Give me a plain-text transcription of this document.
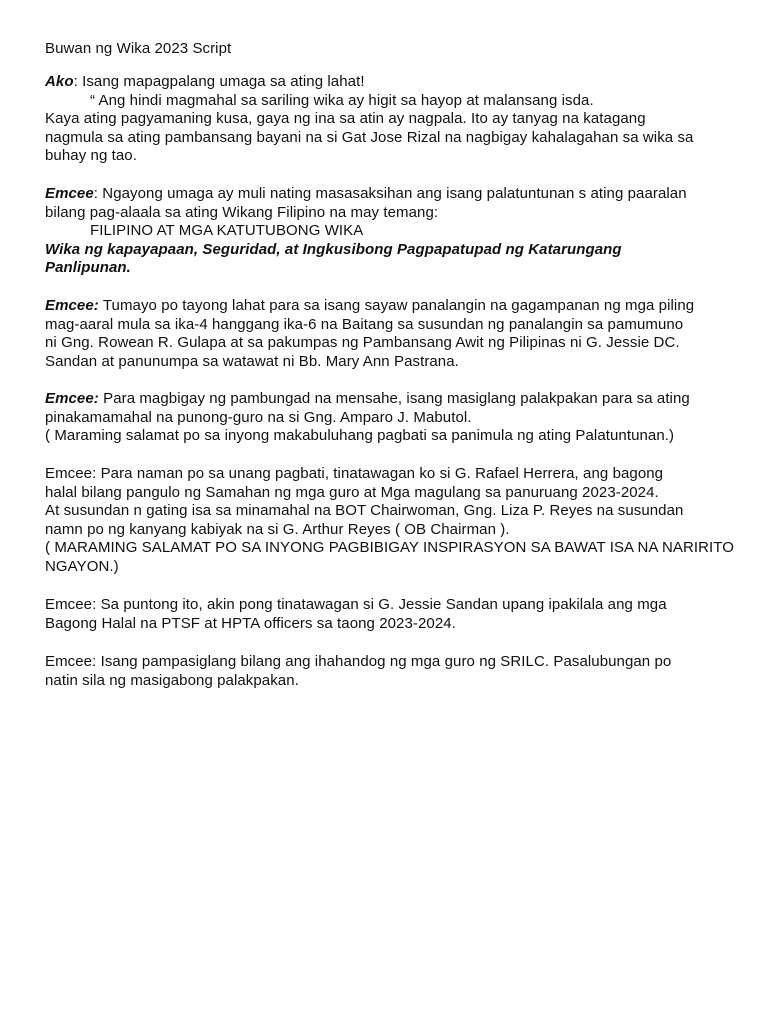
Buwan ng Wika 2023 Script
Ako: Isang mapagpalang umaga sa ating lahat!
“ Ang hindi magmahal sa sariling wika ay higit sa hayop at malansang isda.
Kaya ating pagyamaning kusa, gaya ng ina sa atin ay nagpala. Ito ay tanyag na katagang
nagmula sa ating pambansang bayani na si Gat Jose Rizal na nagbigay kahalagahan sa wika sa
buhay ng tao.
Emcee: Ngayong umaga ay muli nating masasaksihan ang isang palatuntunan s ating paaralan
bilang pag-alaala sa ating Wikang Filipino na may temang:
FILIPINO AT MGA KATUTUBONG WIKA
Wika ng kapayapaan, Seguridad, at Ingkusibong Pagpapatupad ng Katarungang
Panlipunan.
Emcee: Tumayo po tayong lahat para sa isang sayaw panalangin na gagampanan ng mga piling
mag-aaral mula sa ika-4 hanggang ika-6 na Baitang sa susundan ng panalangin sa pamumuno
ni Gng. Rowean R. Gulapa at sa pakumpas ng Pambansang Awit ng Pilipinas ni G. Jessie DC.
Sandan at panunumpa sa watawat ni Bb. Mary Ann Pastrana.
Emcee: Para magbigay ng pambungad na mensahe, isang masiglang palakpakan para sa ating
pinakamamahal na punong-guro na si Gng. Amparo J. Mabutol.
( Maraming salamat po sa inyong makabuluhang pagbati sa panimula ng ating Palatuntunan.)
Emcee: Para naman po sa unang pagbati, tinatawagan ko si G. Rafael Herrera, ang bagong
halal bilang pangulo ng Samahan ng mga guro at Mga magulang sa panuruang 2023-2024.
At susundan n gating isa sa minamahal na BOT Chairwoman, Gng. Liza P. Reyes na susundan
namn po ng kanyang kabiyak na si G. Arthur Reyes ( OB Chairman ).
( MARAMING SALAMAT PO SA INYONG PAGBIBIGAY INSPIRASYON SA BAWAT ISA NA NARIRITO
NGAYON.)
Emcee: Sa puntong ito, akin pong tinatawagan si G. Jessie Sandan upang ipakilala ang mga
Bagong Halal na PTSF at HPTA officers sa taong 2023-2024.
Emcee: Isang pampasiglang bilang ang ihahandog ng mga guro ng SRILC. Pasalubungan po
natin sila ng masigabong palakpakan.
